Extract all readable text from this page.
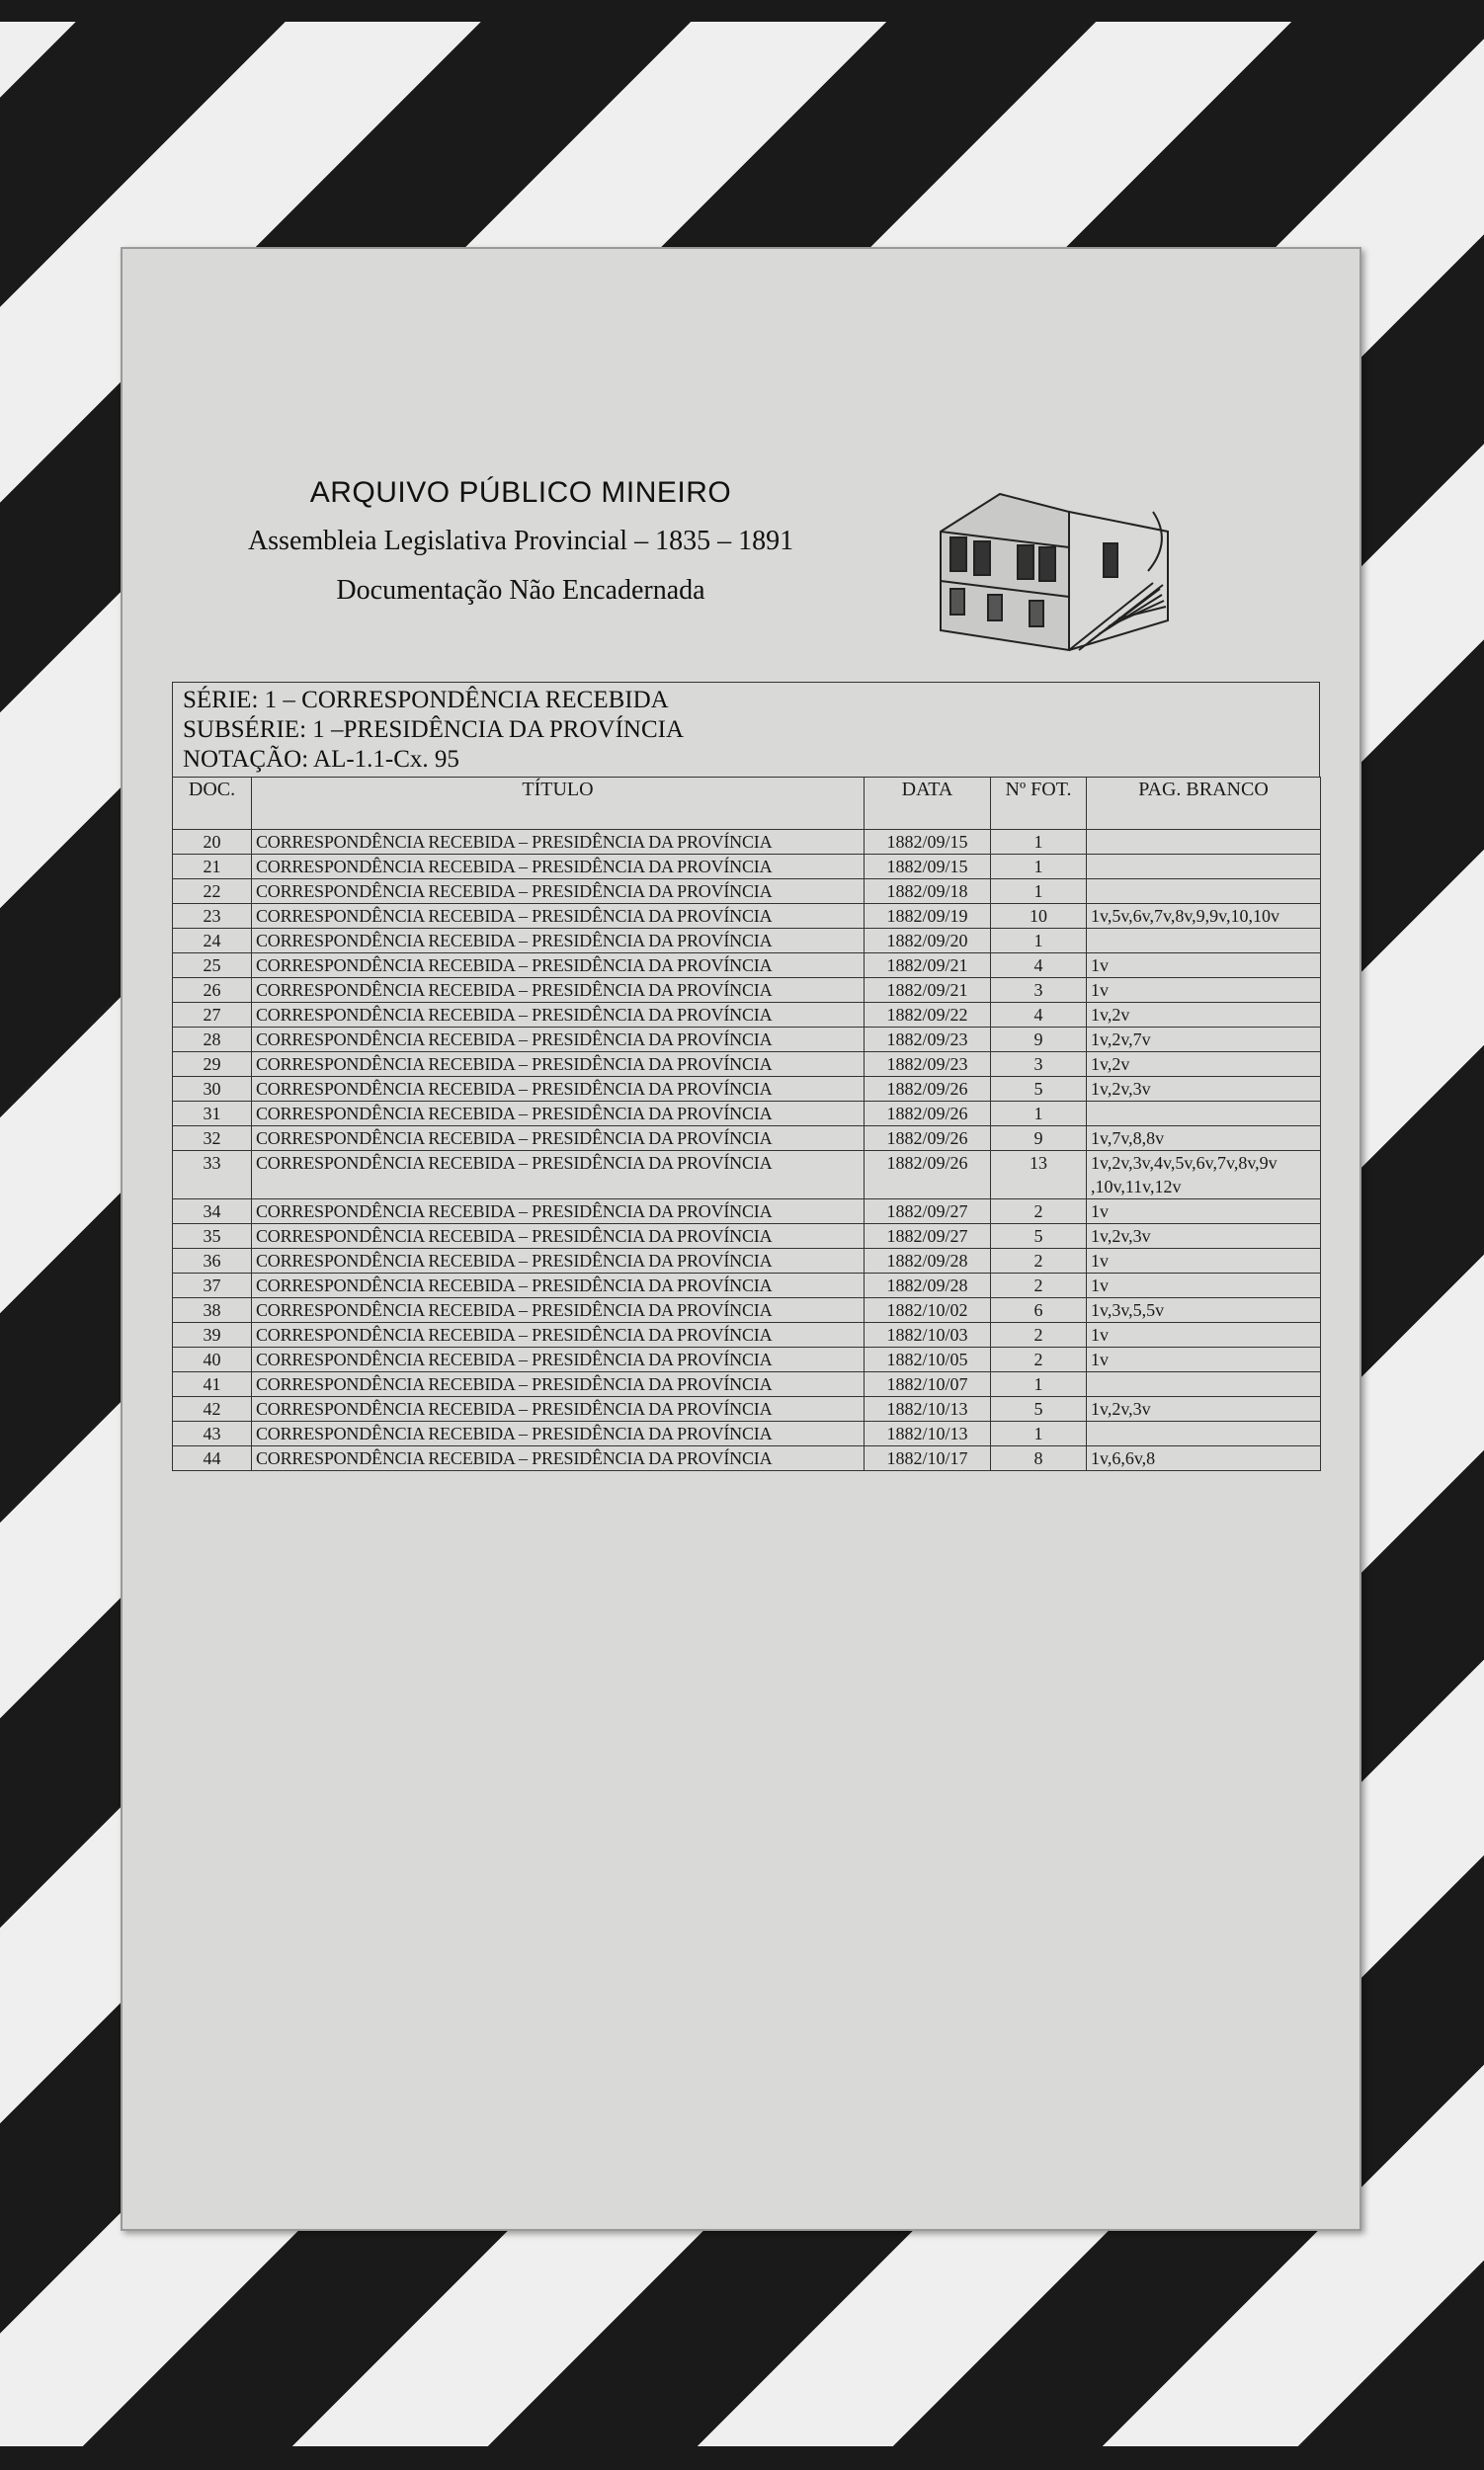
ARQUIVO PÚBLICO MINEIRO
Assembleia Legislativa Provincial – 1835 – 1891
Documentação Não Encadernada
SÉRIE: 1 – CORRESPONDÊNCIA RECEBIDA
SUBSÉRIE: 1 –PRESIDÊNCIA DA PROVÍNCIA
NOTAÇÃO: AL-1.1-Cx. 95
DOC.	TÍTULO	DATA	Nº FOT.	PAG. BRANCO
20	CORRESPONDÊNCIA RECEBIDA – PRESIDÊNCIA DA PROVÍNCIA	1882/09/15	1	
21	CORRESPONDÊNCIA RECEBIDA – PRESIDÊNCIA DA PROVÍNCIA	1882/09/15	1	
22	CORRESPONDÊNCIA RECEBIDA – PRESIDÊNCIA DA PROVÍNCIA	1882/09/18	1	
23	CORRESPONDÊNCIA RECEBIDA – PRESIDÊNCIA DA PROVÍNCIA	1882/09/19	10	1v,5v,6v,7v,8v,9,9v,10,10v
24	CORRESPONDÊNCIA RECEBIDA – PRESIDÊNCIA DA PROVÍNCIA	1882/09/20	1	
25	CORRESPONDÊNCIA RECEBIDA – PRESIDÊNCIA DA PROVÍNCIA	1882/09/21	4	1v
26	CORRESPONDÊNCIA RECEBIDA – PRESIDÊNCIA DA PROVÍNCIA	1882/09/21	3	1v
27	CORRESPONDÊNCIA RECEBIDA – PRESIDÊNCIA DA PROVÍNCIA	1882/09/22	4	1v,2v
28	CORRESPONDÊNCIA RECEBIDA – PRESIDÊNCIA DA PROVÍNCIA	1882/09/23	9	1v,2v,7v
29	CORRESPONDÊNCIA RECEBIDA – PRESIDÊNCIA DA PROVÍNCIA	1882/09/23	3	1v,2v
30	CORRESPONDÊNCIA RECEBIDA – PRESIDÊNCIA DA PROVÍNCIA	1882/09/26	5	1v,2v,3v
31	CORRESPONDÊNCIA RECEBIDA – PRESIDÊNCIA DA PROVÍNCIA	1882/09/26	1	
32	CORRESPONDÊNCIA RECEBIDA – PRESIDÊNCIA DA PROVÍNCIA	1882/09/26	9	1v,7v,8,8v
33	CORRESPONDÊNCIA RECEBIDA – PRESIDÊNCIA DA PROVÍNCIA	1882/09/26	13	1v,2v,3v,4v,5v,6v,7v,8v,9v ,10v,11v,12v
34	CORRESPONDÊNCIA RECEBIDA – PRESIDÊNCIA DA PROVÍNCIA	1882/09/27	2	1v
35	CORRESPONDÊNCIA RECEBIDA – PRESIDÊNCIA DA PROVÍNCIA	1882/09/27	5	1v,2v,3v
36	CORRESPONDÊNCIA RECEBIDA – PRESIDÊNCIA DA PROVÍNCIA	1882/09/28	2	1v
37	CORRESPONDÊNCIA RECEBIDA – PRESIDÊNCIA DA PROVÍNCIA	1882/09/28	2	1v
38	CORRESPONDÊNCIA RECEBIDA – PRESIDÊNCIA DA PROVÍNCIA	1882/10/02	6	1v,3v,5,5v
39	CORRESPONDÊNCIA RECEBIDA – PRESIDÊNCIA DA PROVÍNCIA	1882/10/03	2	1v
40	CORRESPONDÊNCIA RECEBIDA – PRESIDÊNCIA DA PROVÍNCIA	1882/10/05	2	1v
41	CORRESPONDÊNCIA RECEBIDA – PRESIDÊNCIA DA PROVÍNCIA	1882/10/07	1	
42	CORRESPONDÊNCIA RECEBIDA – PRESIDÊNCIA DA PROVÍNCIA	1882/10/13	5	1v,2v,3v
43	CORRESPONDÊNCIA RECEBIDA – PRESIDÊNCIA DA PROVÍNCIA	1882/10/13	1	
44	CORRESPONDÊNCIA RECEBIDA – PRESIDÊNCIA DA PROVÍNCIA	1882/10/17	8	1v,6,6v,8
